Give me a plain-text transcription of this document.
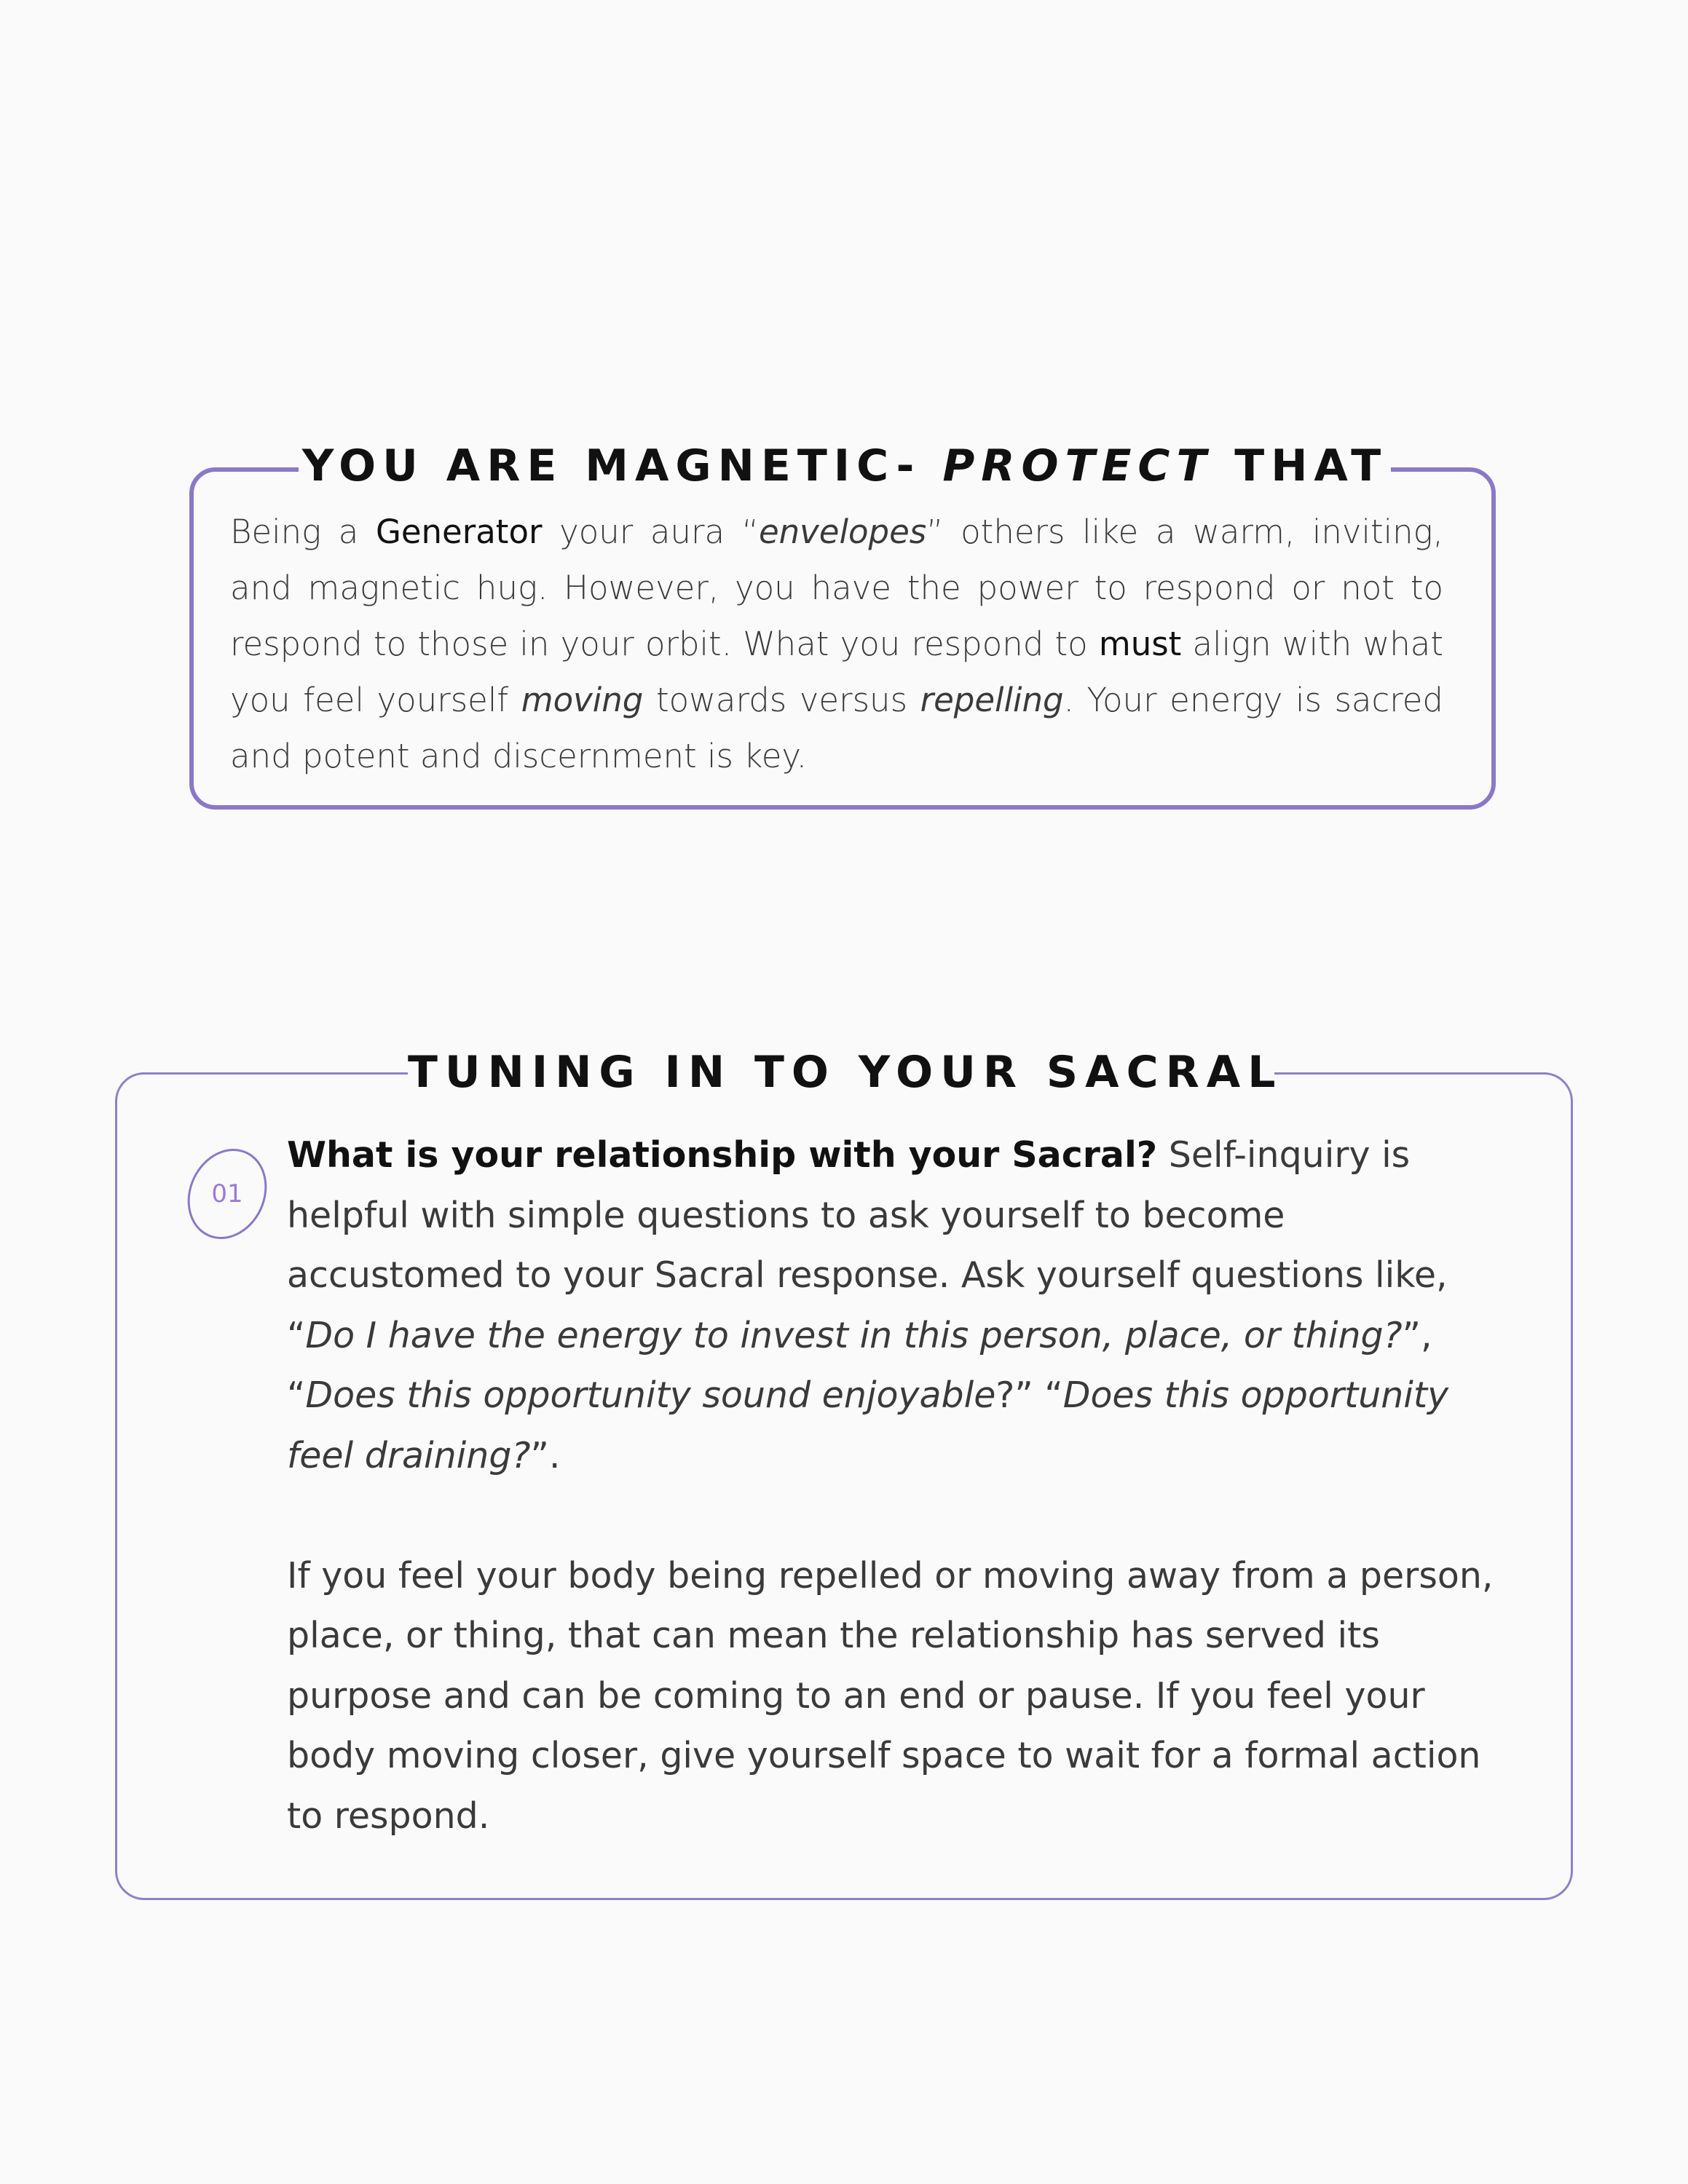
YOU ARE MAGNETIC- PROTECT THAT
Being a Generator your aura “envelopes” others like a warm, inviting, and magnetic hug. However, you have the power to respond or not to respond to those in your orbit. What you respond to must align with what you feel yourself moving towards versus repelling. Your energy is sacred and potent and discernment is key.
TUNING IN TO YOUR SACRAL
01

What is your relationship with your Sacral? Self-inquiry is helpful with simple questions to ask yourself to become accustomed to your Sacral response. Ask yourself questions like, “Do I have the energy to invest in this person, place, or thing?”, “Does this opportunity sound enjoyable?” “Does this opportunity feel draining?”.

If you feel your body being repelled or moving away from a person, place, or thing, that can mean the relationship has served its purpose and can be coming to an end or pause. If you feel your body moving closer, give yourself space to wait for a formal action to respond.
